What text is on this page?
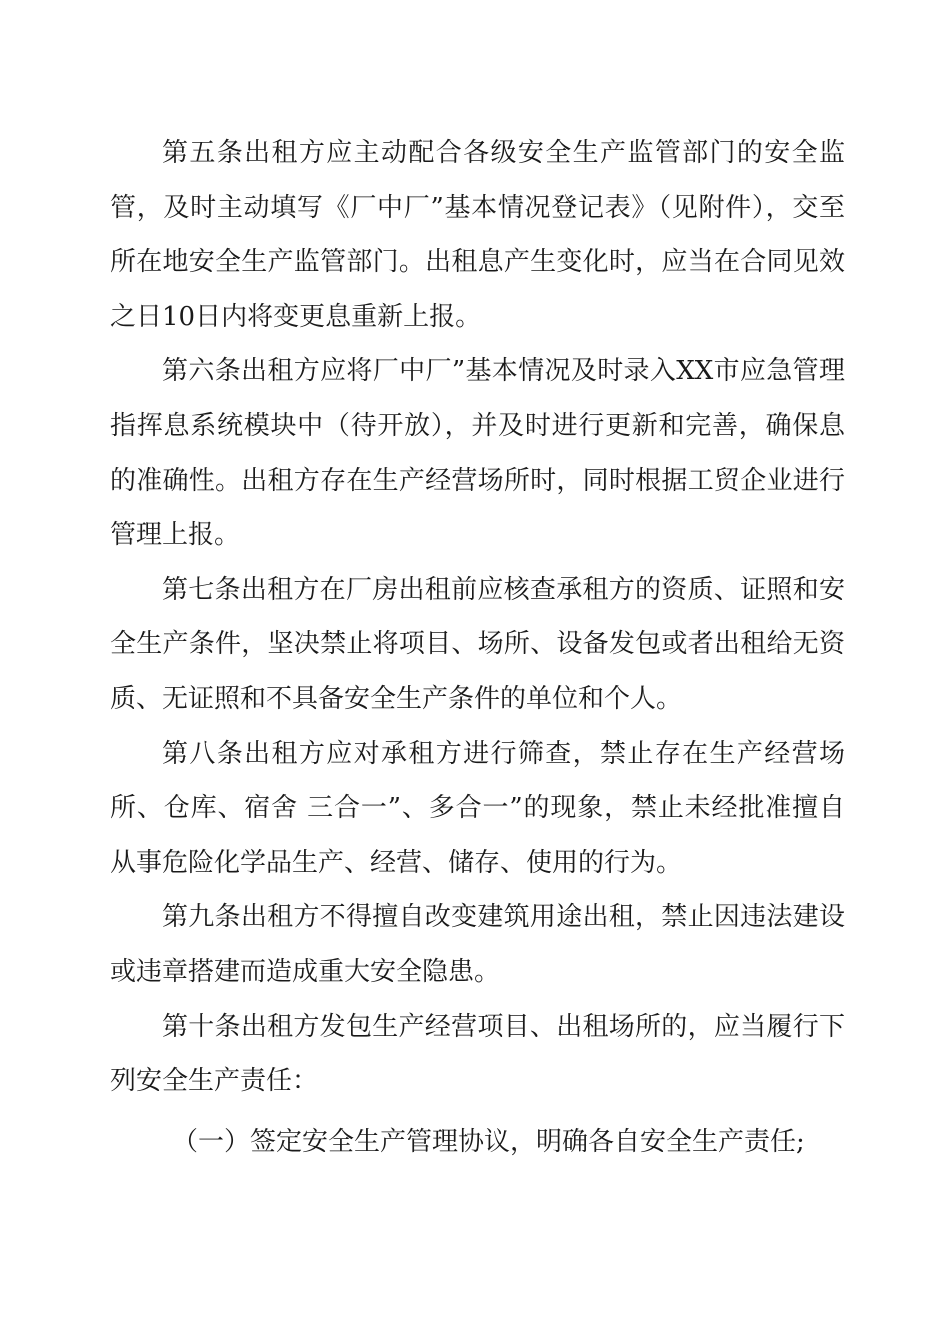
第五条出租方应主动配合各级安全生产监管部门的安全监管，及时主动填写《厂中厂”基本情况登记表》（见附件），交至所在地安全生产监管部门。出租息产生变化时，应当在合同见效之日10日内将变更息重新上报。

第六条出租方应将厂中厂”基本情况及时录入XX市应急管理指挥息系统模块中（待开放），并及时进行更新和完善，确保息的准确性。出租方存在生产经营场所时，同时根据工贸企业进行管理上报。

第七条出租方在厂房出租前应核查承租方的资质、证照和安全生产条件，坚决禁止将项目、场所、设备发包或者出租给无资质、无证照和不具备安全生产条件的单位和个人。

第八条出租方应对承租方进行筛查，禁止存在生产经营场所、仓库、宿舍 三合一”、多合一”的现象，禁止未经批准擅自从事危险化学品生产、经营、储存、使用的行为。

第九条出租方不得擅自改变建筑用途出租，禁止因违法建设或违章搭建而造成重大安全隐患。

第十条出租方发包生产经营项目、出租场所的，应当履行下列安全生产责任：

（一）签定安全生产管理协议，明确各自安全生产责任;
